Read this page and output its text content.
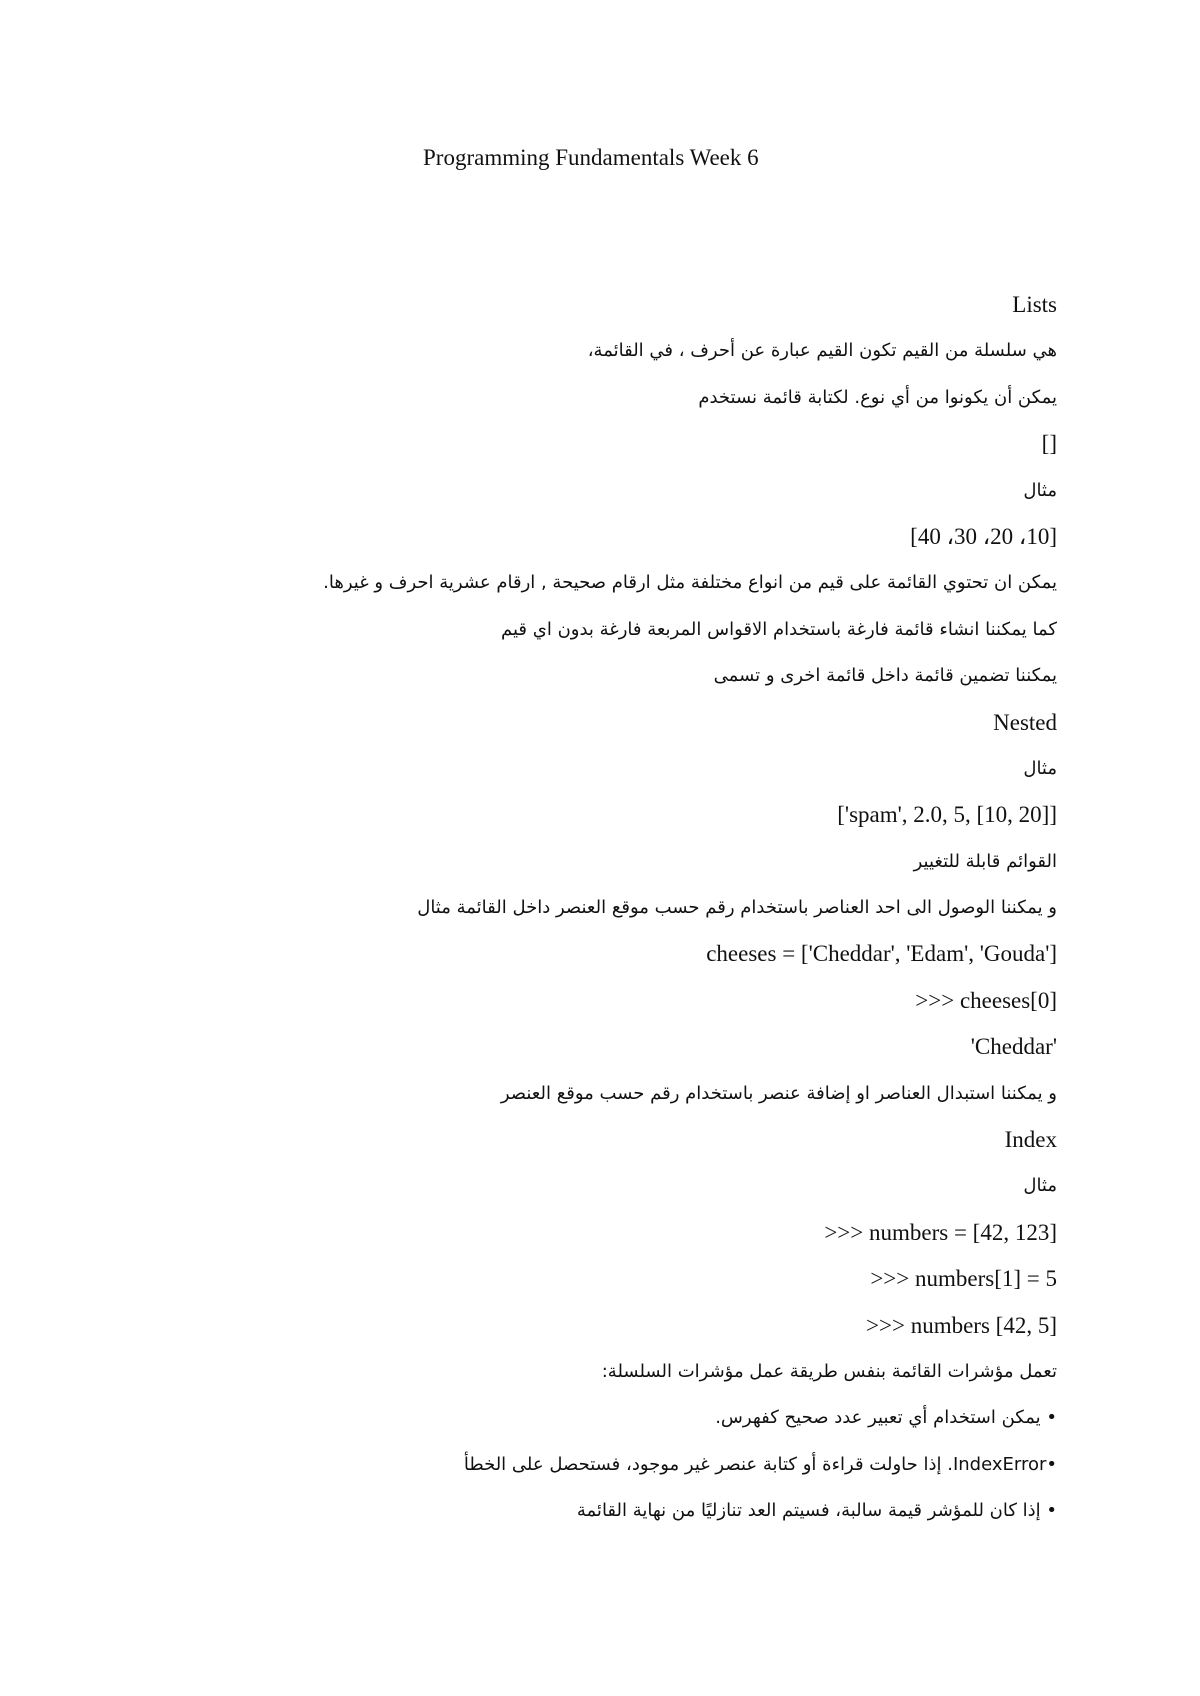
Programming Fundamentals Week 6
Lists
هي سلسلة من القيم تكون القيم عبارة عن أحرف ، في القائمة،
يمكن أن يكونوا من أي نوع. لكتابة قائمة نستخدم
[]
مثال
[40 ،30 ،20 ،10]
يمكن ان تحتوي القائمة على قيم من انواع مختلفة مثل ارقام صحيحة , ارقام عشرية احرف و غيرها.
كما يمكننا انشاء قائمة فارغة باستخدام الاقواس المربعة فارغة بدون اي قيم
يمكننا تضمين قائمة داخل قائمة اخرى و تسمى
Nested
مثال
['spam', 2.0, 5, [10, 20]]
القوائم قابلة للتغيير
و يمكننا الوصول الى احد العناصر باستخدام رقم حسب موقع العنصر داخل القائمة مثال
cheeses = ['Cheddar', 'Edam', 'Gouda']
>>> cheeses[0]
'Cheddar'
و يمكننا استبدال العناصر او إضافة عنصر باستخدام رقم حسب موقع العنصر
Index
مثال
>>> numbers = [42, 123]
>>> numbers[1] = 5
>>> numbers [42, 5]
تعمل مؤشرات القائمة بنفس طريقة عمل مؤشرات السلسلة:
• يمكن استخدام أي تعبير عدد صحيح كفهرس.
•IndexError. إذا حاولت قراءة أو كتابة عنصر غير موجود، فستحصل على الخطأ
• إذا كان للمؤشر قيمة سالبة، فسيتم العد تنازليًا من نهاية القائمة
